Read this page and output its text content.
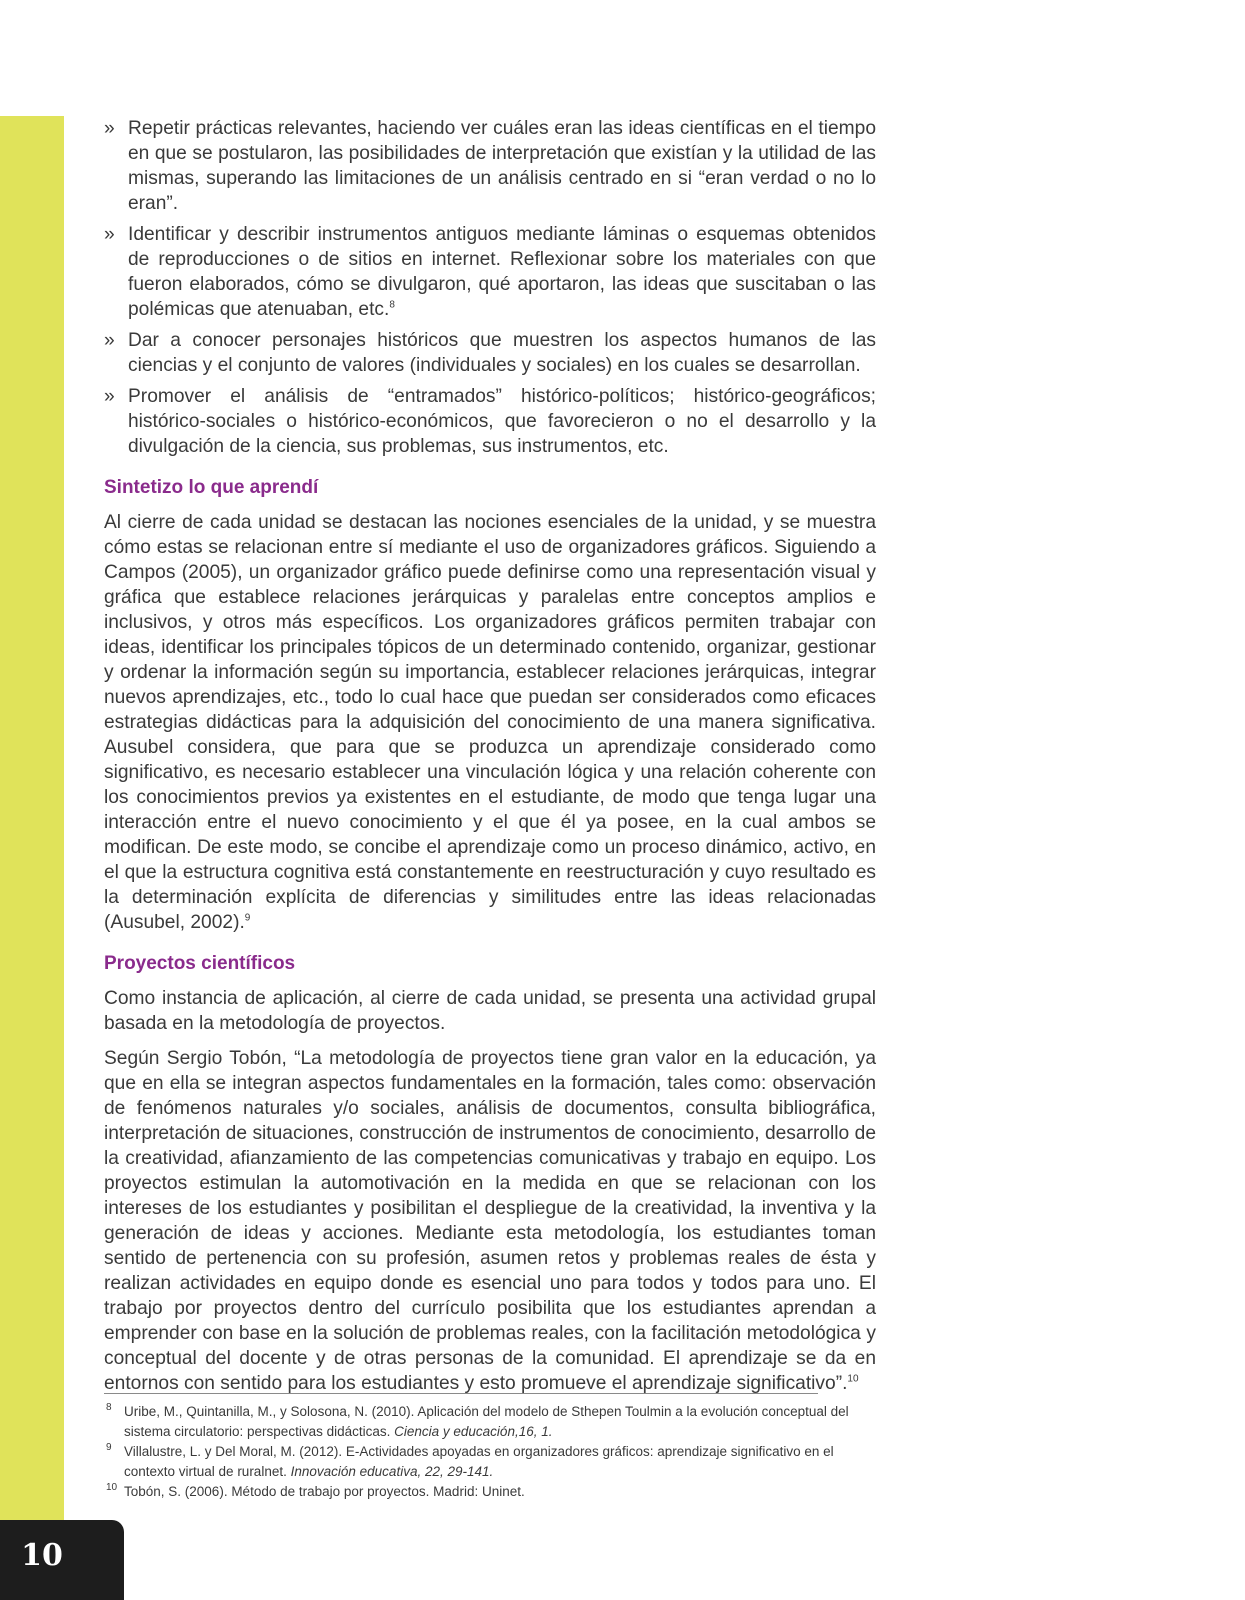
10
» Repetir prácticas relevantes, haciendo ver cuáles eran las ideas científicas en el tiempo en que se postularon, las posibilidades de interpretación que existían y la utilidad de las mismas, superando las limitaciones de un análisis centrado en si “eran verdad o no lo eran”.
» Identificar y describir instrumentos antiguos mediante láminas o esquemas obtenidos de reproducciones o de sitios en internet. Reflexionar sobre los materiales con que fueron elaborados, cómo se divulgaron, qué aportaron, las ideas que suscitaban o las polémicas que atenuaban, etc.$^8$
» Dar a conocer personajes históricos que muestren los aspectos humanos de las ciencias y el conjunto de valores (individuales y sociales) en los cuales se desarrollan.
» Promover el análisis de “entramados” histórico-políticos; histórico-geográficos; histórico-sociales o histórico-económicos, que favorecieron o no el desarrollo y la divulgación de la ciencia, sus problemas, sus instrumentos, etc.
Sintetizo lo que aprendí

Al cierre de cada unidad se destacan las nociones esenciales de la unidad, y se muestra cómo estas se relacionan entre sí mediante el uso de organizadores gráficos. Siguiendo a Campos (2005), un organizador gráfico puede definirse como una representación visual y gráfica que establece relaciones jerárquicas y paralelas entre conceptos amplios e inclusivos, y otros más específicos. Los organizadores gráficos permiten trabajar con ideas, identificar los principales tópicos de un determinado contenido, organizar, gestionar y ordenar la información según su importancia, establecer relaciones jerárquicas, integrar nuevos aprendizajes, etc., todo lo cual hace que puedan ser considerados como eficaces estrategias didácticas para la adquisición del conocimiento de una manera significativa. Ausubel considera, que para que se produzca un aprendizaje considerado como significativo, es necesario establecer una vinculación lógica y una relación coherente con los conocimientos previos ya existentes en el estudiante, de modo que tenga lugar una interacción entre el nuevo conocimiento y el que él ya posee, en la cual ambos se modifican. De este modo, se concibe el aprendizaje como un proceso dinámico, activo, en el que la estructura cognitiva está constantemente en reestructuración y cuyo resultado es la determinación explícita de diferencias y similitudes entre las ideas relacionadas (Ausubel, 2002).$^9$

Proyectos científicos

Como instancia de aplicación, al cierre de cada unidad, se presenta una actividad grupal basada en la metodología de proyectos.

Según Sergio Tobón, “La metodología de proyectos tiene gran valor en la educación, ya que en ella se integran aspectos fundamentales en la formación, tales como: observación de fenómenos naturales y/o sociales, análisis de documentos, consulta bibliográfica, interpretación de situaciones, construcción de instrumentos de conocimiento, desarrollo de la creatividad, afianzamiento de las competencias comunicativas y trabajo en equipo. Los proyectos estimulan la automotivación en la medida en que se relacionan con los intereses de los estudiantes y posibilitan el despliegue de la creatividad, la inventiva y la generación de ideas y acciones. Mediante esta metodología, los estudiantes toman sentido de pertenencia con su profesión, asumen retos y problemas reales de ésta y realizan actividades en equipo donde es esencial uno para todos y todos para uno. El trabajo por proyectos dentro del currículo posibilita que los estudiantes aprendan a emprender con base en la solución de problemas reales, con la facilitación metodológica y conceptual del docente y de otras personas de la comunidad. El aprendizaje se da en entornos con sentido para los estudiantes y esto promueve el aprendizaje significativo”.$^{10}$

8 Uribe, M., Quintanilla, M., y Solosona, N. (2010). Aplicación del modelo de Sthepen Toulmin a la evolución conceptual del sistema circulatorio: perspectivas didácticas. Ciencia y educación,16, 1.
9 Villalustre, L. y Del Moral, M. (2012). E-Actividades apoyadas en organizadores gráficos: aprendizaje significativo en el contexto virtual de ruralnet. Innovación educativa, 22, 29-141.
10 Tobón, S. (2006). Método de trabajo por proyectos. Madrid: Uninet.
